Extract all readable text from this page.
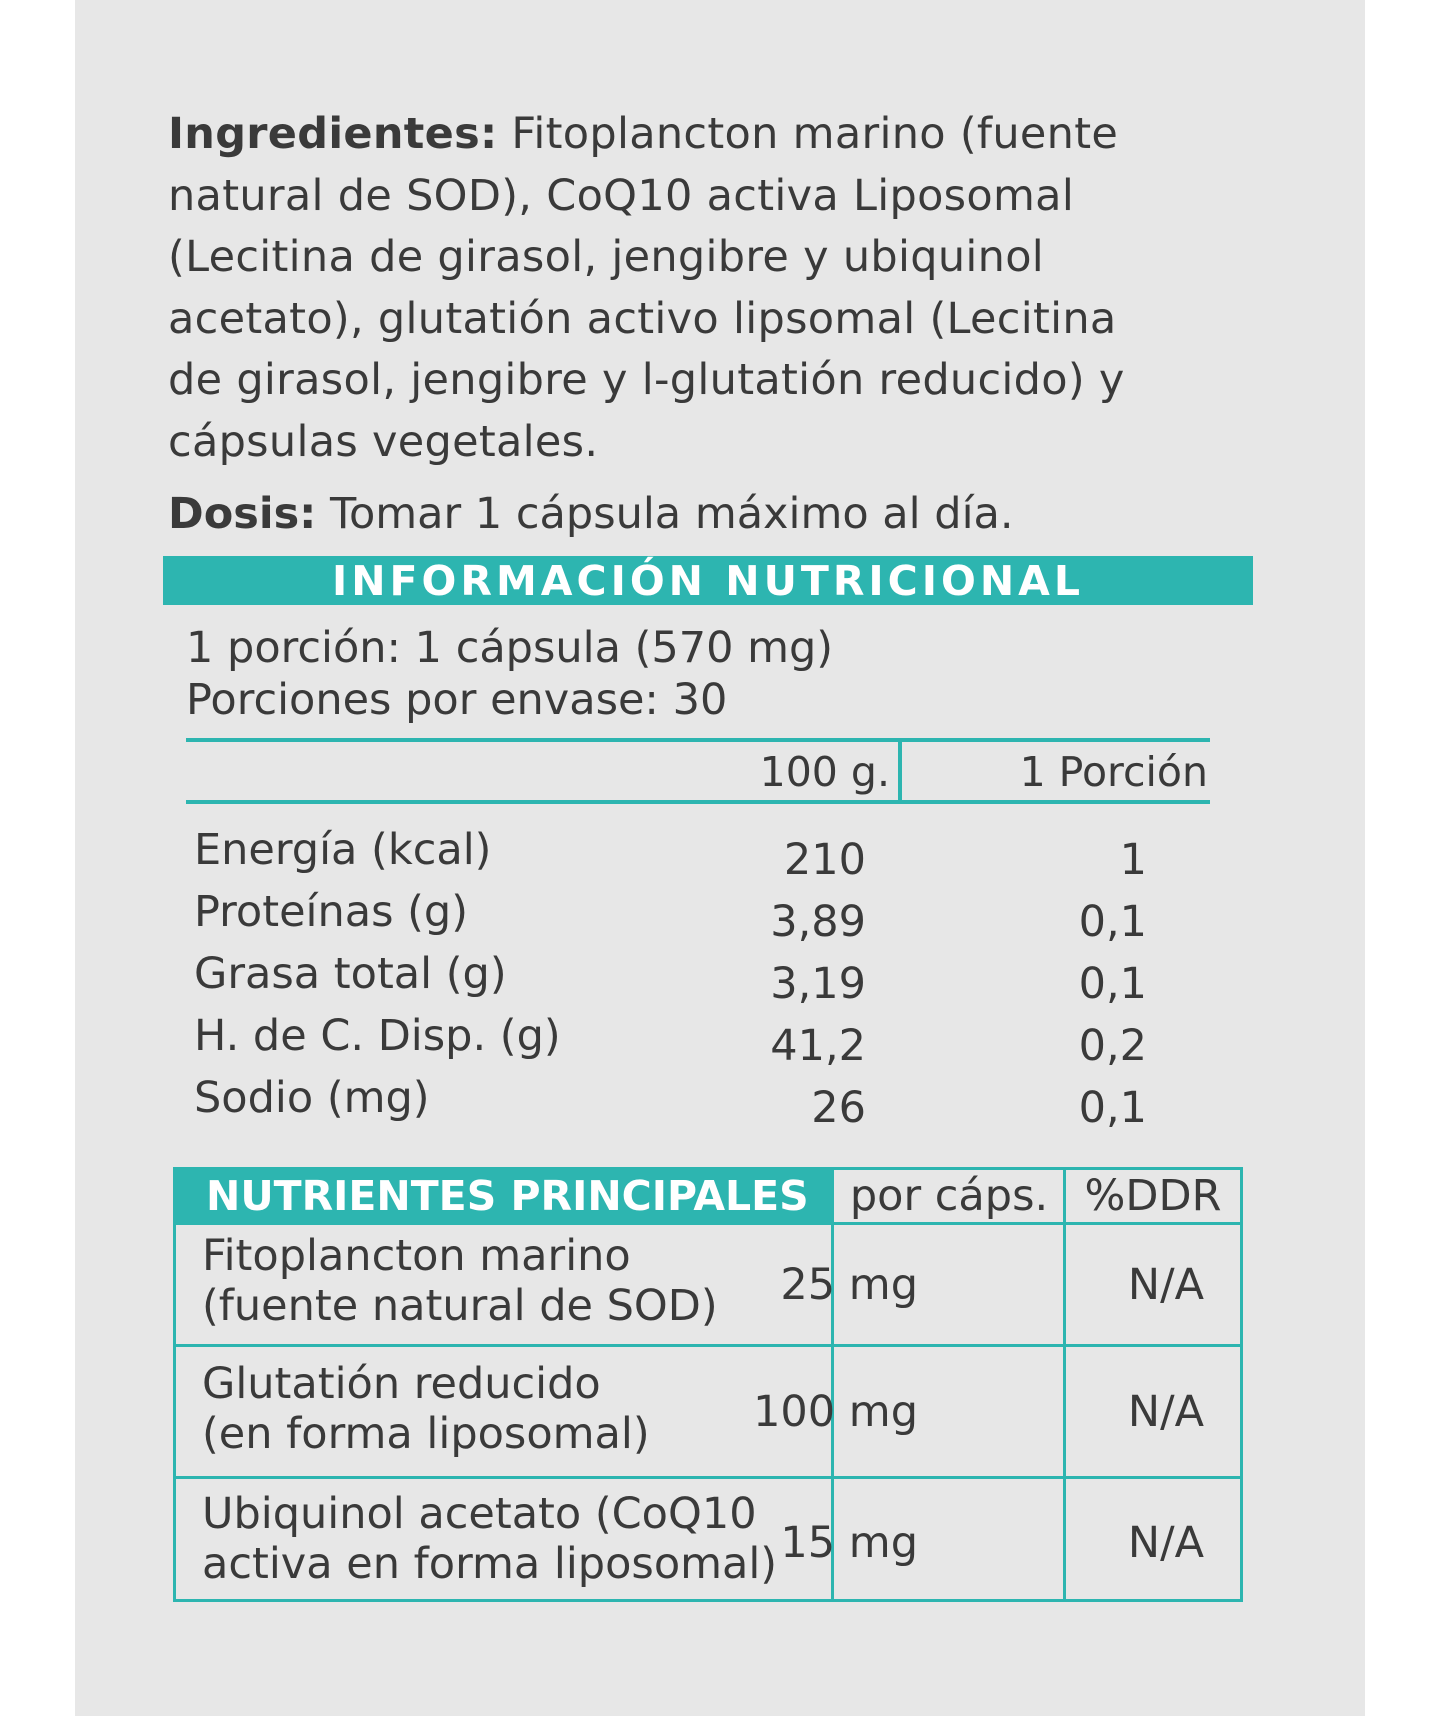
Ingredientes: Fitoplancton marino (fuente
natural de SOD), CoQ10 activa Liposomal
(Lecitina de girasol, jengibre y ubiquinol
acetato), glutatión activo lipsomal (Lecitina
de girasol, jengibre y l-glutatión reducido) y
cápsulas vegetales.

Dosis: Tomar 1 cápsula máximo al día.

INFORMACIÓN NUTRICIONAL
1 porción: 1 cápsula (570 mg)
Porciones por envase: 30
100 g.	1 Porción
Energía (kcal)	210	1
Proteínas (g)	3,89	0,1
Grasa total (g)	3,19	0,1
H. de C. Disp. (g)	41,2	0,2
Sodio (mg)	26	0,1
NUTRIENTES PRINCIPALES por cáps. %DDR
Fitoplancton marino
(fuente natural de SOD) 25 mg	N/A
Glutatión reducido
(en forma liposomal) 100 mg	N/A
Ubiquinol acetato (CoQ10
activa en forma liposomal) 15 mg	N/A
